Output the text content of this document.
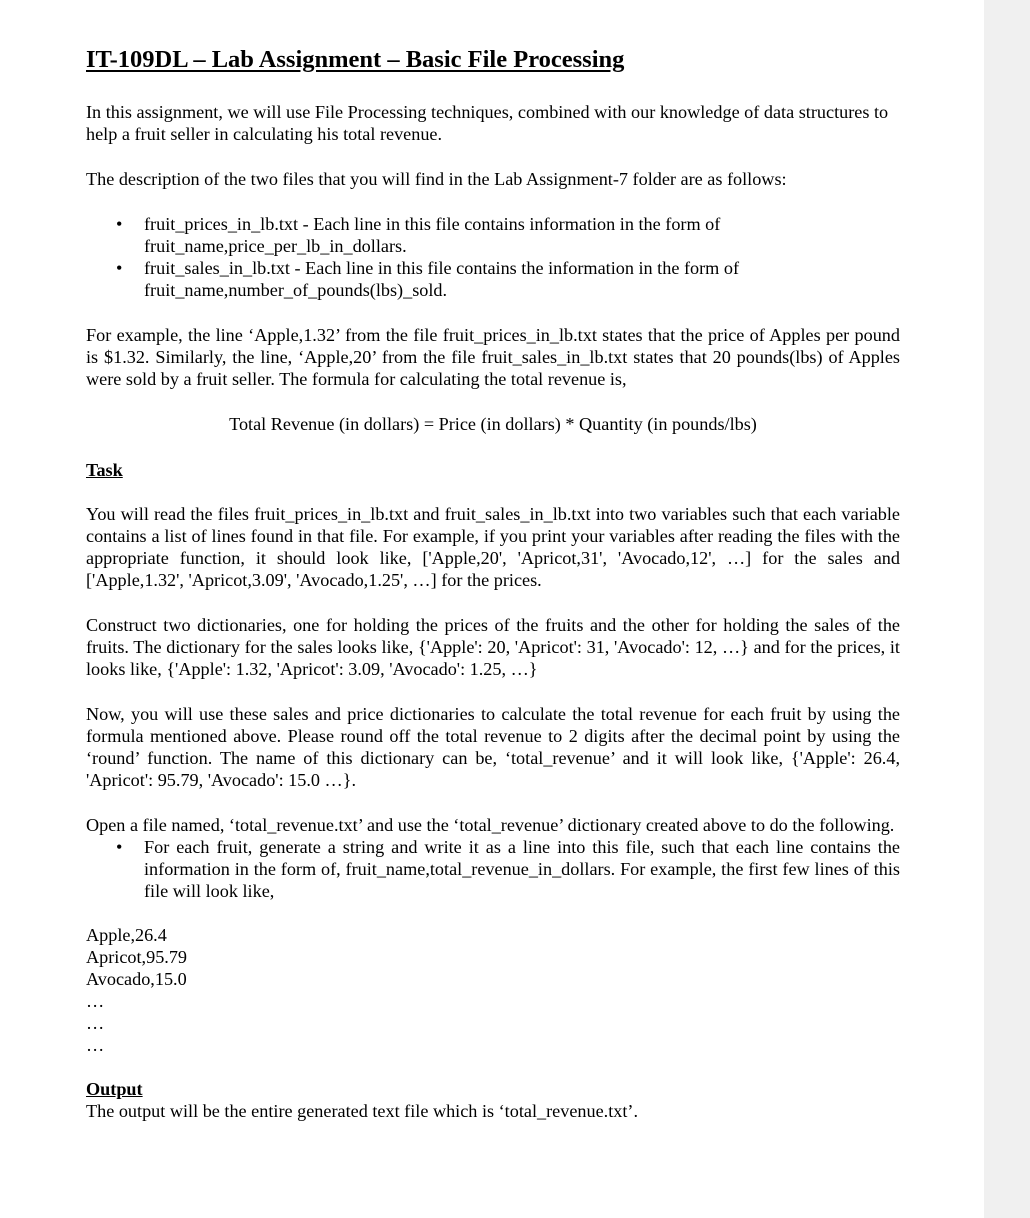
IT-109DL – Lab Assignment – Basic File Processing

In this assignment, we will use File Processing techniques, combined with our knowledge of data structures to help a fruit seller in calculating his total revenue.

The description of the two files that you will find in the Lab Assignment-7 folder are as follows:

• fruit_prices_in_lb.txt - Each line in this file contains information in the form of
fruit_name,price_per_lb_in_dollars.
• fruit_sales_in_lb.txt - Each line in this file contains the information in the form of
fruit_name,number_of_pounds(lbs)_sold.

For example, the line ‘Apple,1.32’ from the file fruit_prices_in_lb.txt states that the price of Apples per pound is $1.32. Similarly, the line, ‘Apple,20’ from the file fruit_sales_in_lb.txt states that 20 pounds(lbs) of Apples were sold by a fruit seller. The formula for calculating the total revenue is,

Total Revenue (in dollars) = Price (in dollars) * Quantity (in pounds/lbs)
Task

You will read the files fruit_prices_in_lb.txt and fruit_sales_in_lb.txt into two variables such that each variable contains a list of lines found in that file. For example, if you print your variables after reading the files with the appropriate function, it should look like, ['Apple,20', 'Apricot,31', 'Avocado,12', …] for the sales and ['Apple,1.32', 'Apricot,3.09', 'Avocado,1.25', …] for the prices.

Construct two dictionaries, one for holding the prices of the fruits and the other for holding the sales of the fruits. The dictionary for the sales looks like, {'Apple': 20, 'Apricot': 31, 'Avocado': 12, …} and for the prices, it looks like, {'Apple': 1.32, 'Apricot': 3.09, 'Avocado': 1.25, …}

Now, you will use these sales and price dictionaries to calculate the total revenue for each fruit by using the formula mentioned above. Please round off the total revenue to 2 digits after the decimal point by using the ‘round’ function. The name of this dictionary can be, ‘total_revenue’ and it will look like, {'Apple': 26.4, 'Apricot': 95.79, 'Avocado': 15.0 …}.

Open a file named, ‘total_revenue.txt’ and use the ‘total_revenue’ dictionary created above to do the following.

• For each fruit, generate a string and write it as a line into this file, such that each line contains the information in the form of, fruit_name,total_revenue_in_dollars. For example, the first few lines of this file will look like,
Apple,26.4
Apricot,95.79
Avocado,15.0
…
…
…
Output
The output will be the entire generated text file which is ‘total_revenue.txt’.
